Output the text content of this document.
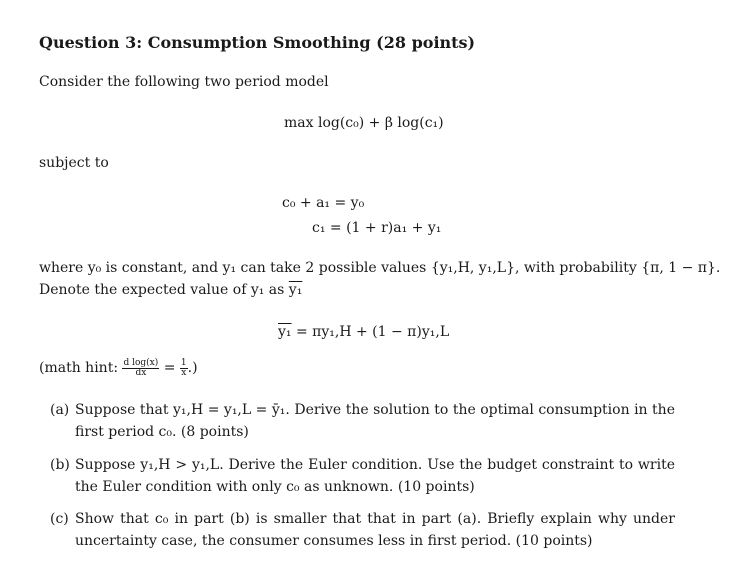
Question 3: Consumption Smoothing (28 points)
Consider the following two period model
max log(c₀) + β log(c₁)
subject to
c₀ + a₁ = y₀
c₁ = (1 + r)a₁ + y₁
where y₀ is constant, and y₁ can take 2 possible values {y₁,H, y₁,L}, with probability {π, 1 − π}.
Denote the expected value of y₁ as y₁
y₁ = πy₁,H + (1 − π)y₁,L
(math hint: $\frac{\text{d log(x)}}{dx} = \frac{1}{x}$ .)
(a) Suppose that y₁,H = y₁,L = ȳ₁. Derive the solution to the optimal consumption in the first period c₀. (8 points)
(b) Suppose y₁,H > y₁,L. Derive the Euler condition. Use the budget constraint to write the Euler condition with only c₀ as unknown. (10 points)
(c) Show that c₀ in part (b) is smaller that that in part (a). Briefly explain why under uncertainty case, the consumer consumes less in first period. (10 points)
